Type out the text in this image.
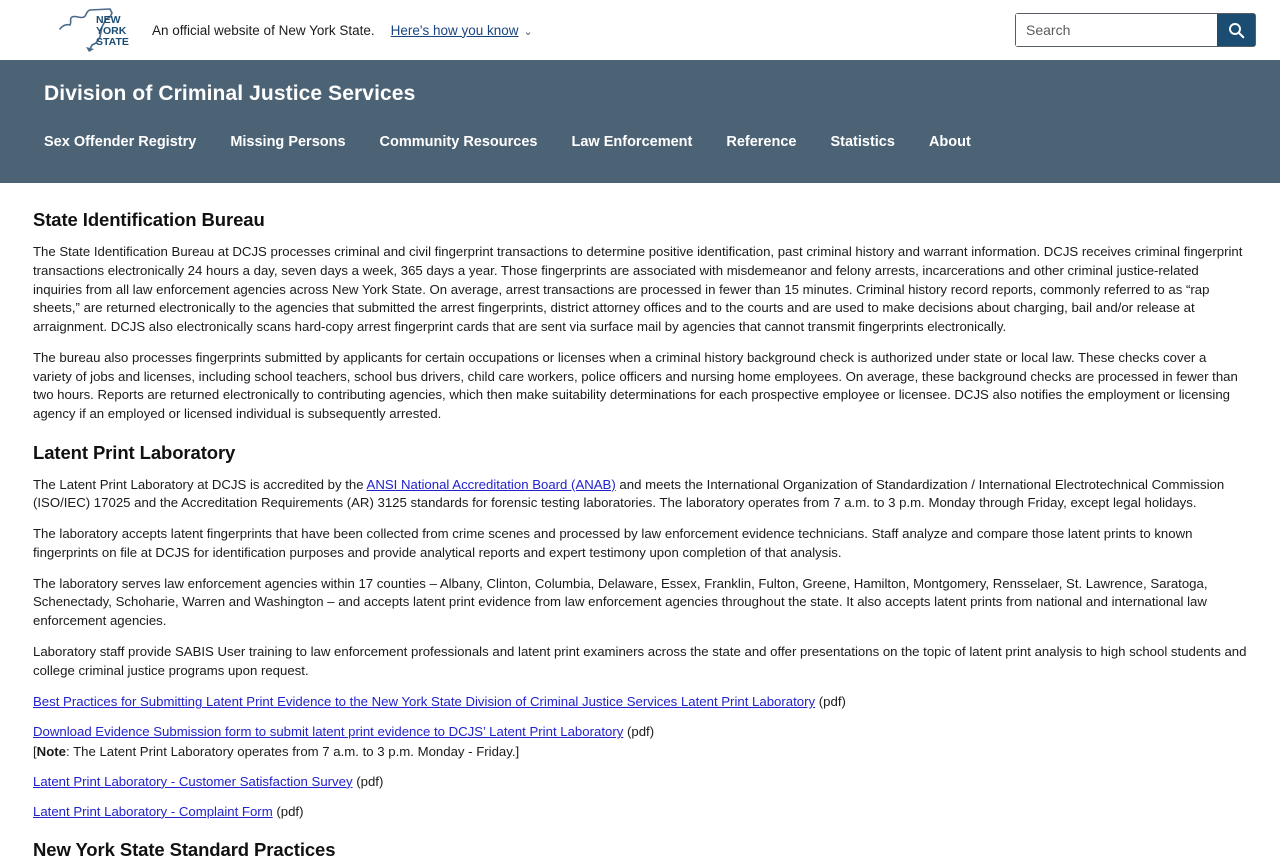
NEW
YORK
STATE
An official website of New York State. Here's how you know ⌄
Search
Division of Criminal Justice Services
Sex Offender Registry Missing Persons Community Resources Law Enforcement Reference Statistics About
State Identification Bureau

The State Identification Bureau at DCJS processes criminal and civil fingerprint transactions to determine positive identification, past criminal history and warrant information. DCJS receives criminal fingerprint transactions electronically 24 hours a day, seven days a week, 365 days a year. Those fingerprints are associated with misdemeanor and felony arrests, incarcerations and other criminal justice-related inquiries from all law enforcement agencies across New York State. On average, arrest transactions are processed in fewer than 15 minutes. Criminal history record reports, commonly referred to as “rap sheets,” are returned electronically to the agencies that submitted the arrest fingerprints, district attorney offices and to the courts and are used to make decisions about charging, bail and/or release at arraignment. DCJS also electronically scans hard-copy arrest fingerprint cards that are sent via surface mail by agencies that cannot transmit fingerprints electronically.

The bureau also processes fingerprints submitted by applicants for certain occupations or licenses when a criminal history background check is authorized under state or local law. These checks cover a variety of jobs and licenses, including school teachers, school bus drivers, child care workers, police officers and nursing home employees. On average, these background checks are processed in fewer than two hours. Reports are returned electronically to contributing agencies, which then make suitability determinations for each prospective employee or licensee. DCJS also notifies the employment or licensing agency if an employed or licensed individual is subsequently arrested.

Latent Print Laboratory

The Latent Print Laboratory at DCJS is accredited by the ANSI National Accreditation Board (ANAB) and meets the International Organization of Standardization / International Electrotechnical Commission (ISO/IEC) 17025 and the Accreditation Requirements (AR) 3125 standards for forensic testing laboratories. The laboratory operates from 7 a.m. to 3 p.m. Monday through Friday, except legal holidays.

The laboratory accepts latent fingerprints that have been collected from crime scenes and processed by law enforcement evidence technicians. Staff analyze and compare those latent prints to known fingerprints on file at DCJS for identification purposes and provide analytical reports and expert testimony upon completion of that analysis.

The laboratory serves law enforcement agencies within 17 counties – Albany, Clinton, Columbia, Delaware, Essex, Franklin, Fulton, Greene, Hamilton, Montgomery, Rensselaer, St. Lawrence, Saratoga, Schenectady, Schoharie, Warren and Washington – and accepts latent print evidence from law enforcement agencies throughout the state. It also accepts latent prints from national and international law enforcement agencies.

Laboratory staff provide SABIS User training to law enforcement professionals and latent print examiners across the state and offer presentations on the topic of latent print analysis to high school students and college criminal justice programs upon request.

Best Practices for Submitting Latent Print Evidence to the New York State Division of Criminal Justice Services Latent Print Laboratory (pdf)
Download Evidence Submission form to submit latent print evidence to DCJS’ Latent Print Laboratory (pdf)
[Note: The Latent Print Laboratory operates from 7 a.m. to 3 p.m. Monday - Friday.]
Latent Print Laboratory - Customer Satisfaction Survey (pdf)
Latent Print Laboratory - Complaint Form (pdf)
New York State Standard Practices
